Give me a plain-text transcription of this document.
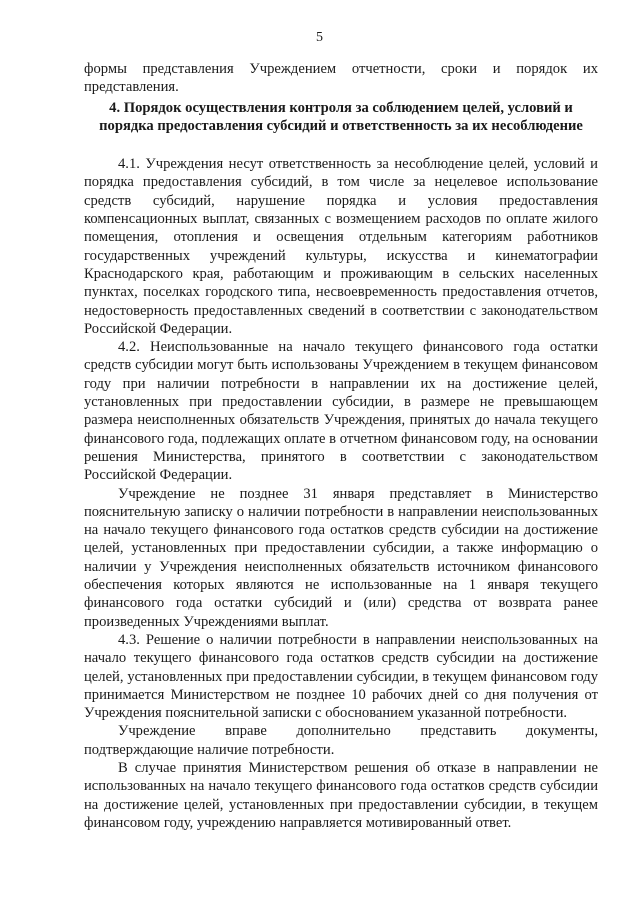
5

формы представления Учреждением отчетности, сроки и порядок их представления.

4. Порядок осуществления контроля за соблюдением целей, условий и порядка предоставления субсидий и ответственность за их несоблюдение

4.1. Учреждения несут ответственность за несоблюдение целей, условий и порядка предоставления субсидий, в том числе за нецелевое использование средств субсидий, нарушение порядка и условия предоставления компенсационных выплат, связанных с возмещением расходов по оплате жилого помещения, отопления и освещения отдельным категориям работников государственных учреждений культуры, искусства и кинематографии Краснодарского края, работающим и проживающим в сельских населенных пунктах, поселках городского типа, несвоевременность предоставления отчетов, недостоверность предоставленных сведений в соответствии с законодательством Российской Федерации.

4.2. Неиспользованные на начало текущего финансового года остатки средств субсидии могут быть использованы Учреждением в текущем финансовом году при наличии потребности в направлении их на достижение целей, установленных при предоставлении субсидии, в размере не превышающем размера неисполненных обязательств Учреждения, принятых до начала текущего финансового года, подлежащих оплате в отчетном финансовом году, на основании решения Министерства, принятого в соответствии с законодательством Российской Федерации.

Учреждение не позднее 31 января представляет в Министерство пояснительную записку о наличии потребности в направлении неиспользованных на начало текущего финансового года остатков средств субсидии на достижение целей, установленных при предоставлении субсидии, а также информацию о наличии у Учреждения неисполненных обязательств источником финансового обеспечения которых являются не использованные на 1 января текущего финансового года остатки субсидий и (или) средства от возврата ранее произведенных Учреждениями выплат.

4.3. Решение о наличии потребности в направлении неиспользованных на начало текущего финансового года остатков средств субсидии на достижение целей, установленных при предоставлении субсидии, в текущем финансовом году принимается Министерством не позднее 10 рабочих дней со дня получения от Учреждения пояснительной записки с обоснованием указанной потребности.

Учреждение вправе дополнительно представить документы, подтверждающие наличие потребности.

В случае принятия Министерством решения об отказе в направлении не использованных на начало текущего финансового года остатков средств субсидии на достижение целей, установленных при предоставлении субсидии, в текущем финансовом году, учреждению направляется мотивированный ответ.
